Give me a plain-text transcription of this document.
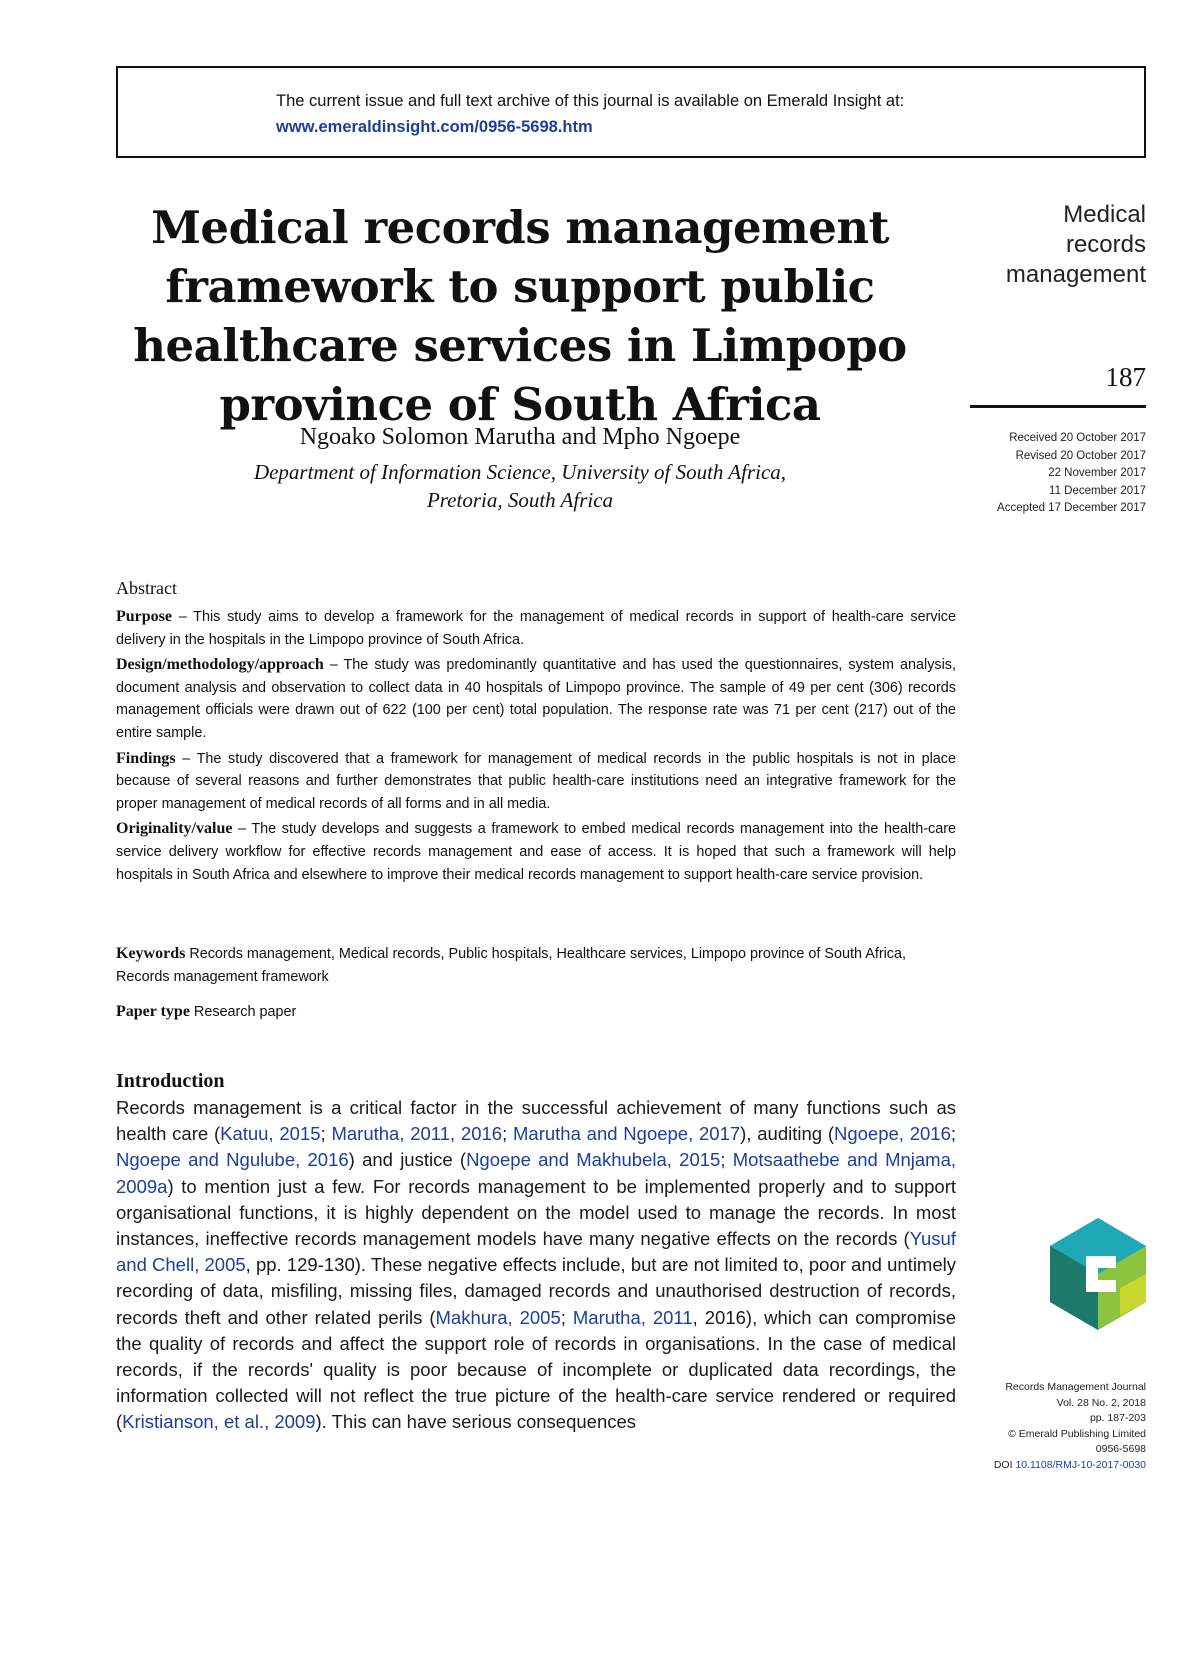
The current issue and full text archive of this journal is available on Emerald Insight at:
www.emeraldinsight.com/0956-5698.htm
Medical records management framework to support public healthcare services in Limpopo province of South Africa
Ngoako Solomon Marutha and Mpho Ngoepe
Department of Information Science, University of South Africa,
Pretoria, South Africa
Medical
records
management
187
Received 20 October 2017
Revised 20 October 2017
22 November 2017
11 December 2017
Accepted 17 December 2017
Abstract

Purpose – This study aims to develop a framework for the management of medical records in support of health-care service delivery in the hospitals in the Limpopo province of South Africa.

Design/methodology/approach – The study was predominantly quantitative and has used the questionnaires, system analysis, document analysis and observation to collect data in 40 hospitals of Limpopo province. The sample of 49 per cent (306) records management officials were drawn out of 622 (100 per cent) total population. The response rate was 71 per cent (217) out of the entire sample.

Findings – The study discovered that a framework for management of medical records in the public hospitals is not in place because of several reasons and further demonstrates that public health-care institutions need an integrative framework for the proper management of medical records of all forms and in all media.

Originality/value – The study develops and suggests a framework to embed medical records management into the health-care service delivery workflow for effective records management and ease of access. It is hoped that such a framework will help hospitals in South Africa and elsewhere to improve their medical records management to support health-care service provision.

Keywords Records management, Medical records, Public hospitals, Healthcare services, Limpopo province of South Africa, Records management framework
Paper type Research paper
Introduction
Records management is a critical factor in the successful achievement of many functions such as health care (Katuu, 2015; Marutha, 2011, 2016; Marutha and Ngoepe, 2017), auditing (Ngoepe, 2016; Ngoepe and Ngulube, 2016) and justice (Ngoepe and Makhubela, 2015; Motsaathebe and Mnjama, 2009a) to mention just a few. For records management to be implemented properly and to support organisational functions, it is highly dependent on the model used to manage the records. In most instances, ineffective records management models have many negative effects on the records (Yusuf and Chell, 2005, pp. 129-130). These negative effects include, but are not limited to, poor and untimely recording of data, misfiling, missing files, damaged records and unauthorised destruction of records, records theft and other related perils (Makhura, 2005; Marutha, 2011, 2016), which can compromise the quality of records and affect the support role of records in organisations. In the case of medical records, if the records' quality is poor because of incomplete or duplicated data recordings, the information collected will not reflect the true picture of the health-care service rendered or required (Kristianson, et al., 2009). This can have serious consequences
Records Management Journal
Vol. 28 No. 2, 2018
pp. 187-203
© Emerald Publishing Limited
0956-5698
DOI 10.1108/RMJ-10-2017-0030
